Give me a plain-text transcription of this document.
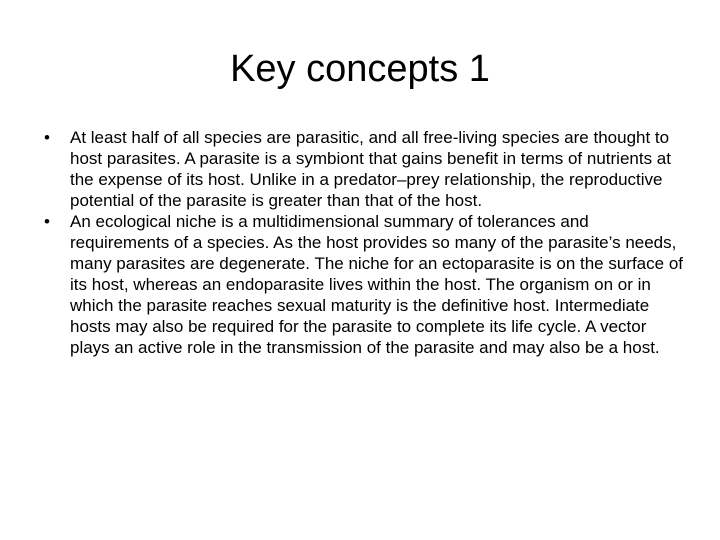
Key concepts 1
•	At least half of all species are parasitic, and all free-living species are thought to host parasites. A parasite is a symbiont that gains benefit in terms of nutrients at the expense of its host. Unlike in a predator–prey relationship, the reproductive potential of the parasite is greater than that of the host.
•	An ecological niche is a multidimensional summary of tolerances and requirements of a species. As the host provides so many of the parasite’s needs, many parasites are degenerate. The niche for an ectoparasite is on the surface of its host, whereas an endoparasite lives within the host. The organism on or in which the parasite reaches sexual maturity is the definitive host. Intermediate hosts may also be required for the parasite to complete its life cycle. A vector plays an active role in the transmission of the parasite and may also be a host.
